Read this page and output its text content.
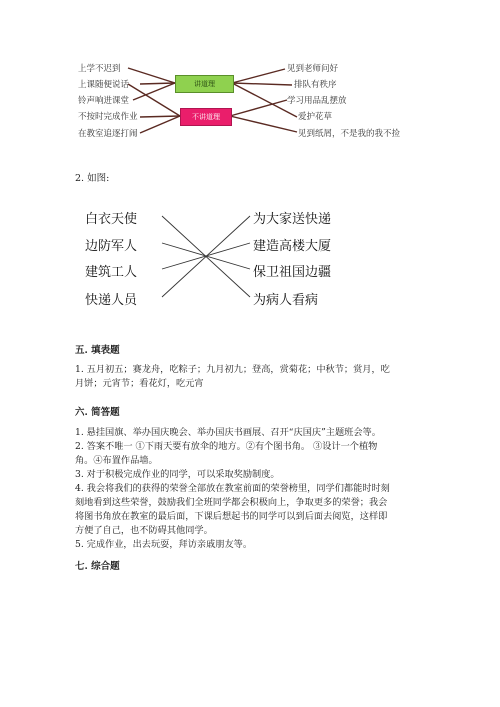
上学不迟到
上课随便说话
铃声响进课堂
不按时完成作业
在教室追逐打闹
讲道理
不讲道理
见到老师问好
排队有秩序
学习用品乱摆放
爱护花草
见到纸屑，不是我的我不捡
2. 如图:
白衣天使
边防军人
建筑工人
快递人员
为大家送快递
建造高楼大厦
保卫祖国边疆
为病人看病
五. 填表题
1. 五月初五；赛龙舟，吃粽子；九月初九；登高，赏菊花；中秋节；赏月，吃
月饼；元宵节；看花灯，吃元宵
六. 简答题
1. 悬挂国旗、举办国庆晚会、举办国庆书画展、召开“庆国庆”主题班会等。
2. 答案不唯一 ①下雨天要有放伞的地方。②有个图书角。 ③设计一个植物
角。④布置作品墙。
3. 对于积极完成作业的同学，可以采取奖励制度。
4. 我会将我们的获得的荣誉全部放在教室前面的荣誉榜里，同学们都能时时刻
刻地看到这些荣誉，鼓励我们全班同学都会积极向上，争取更多的荣誉；我会
将图书角放在教室的最后面，下课后想起书的同学可以到后面去阅览，这样即
方便了自己，也不防碍其他同学。
5. 完成作业，出去玩耍，拜访亲戚朋友等。
七. 综合题
